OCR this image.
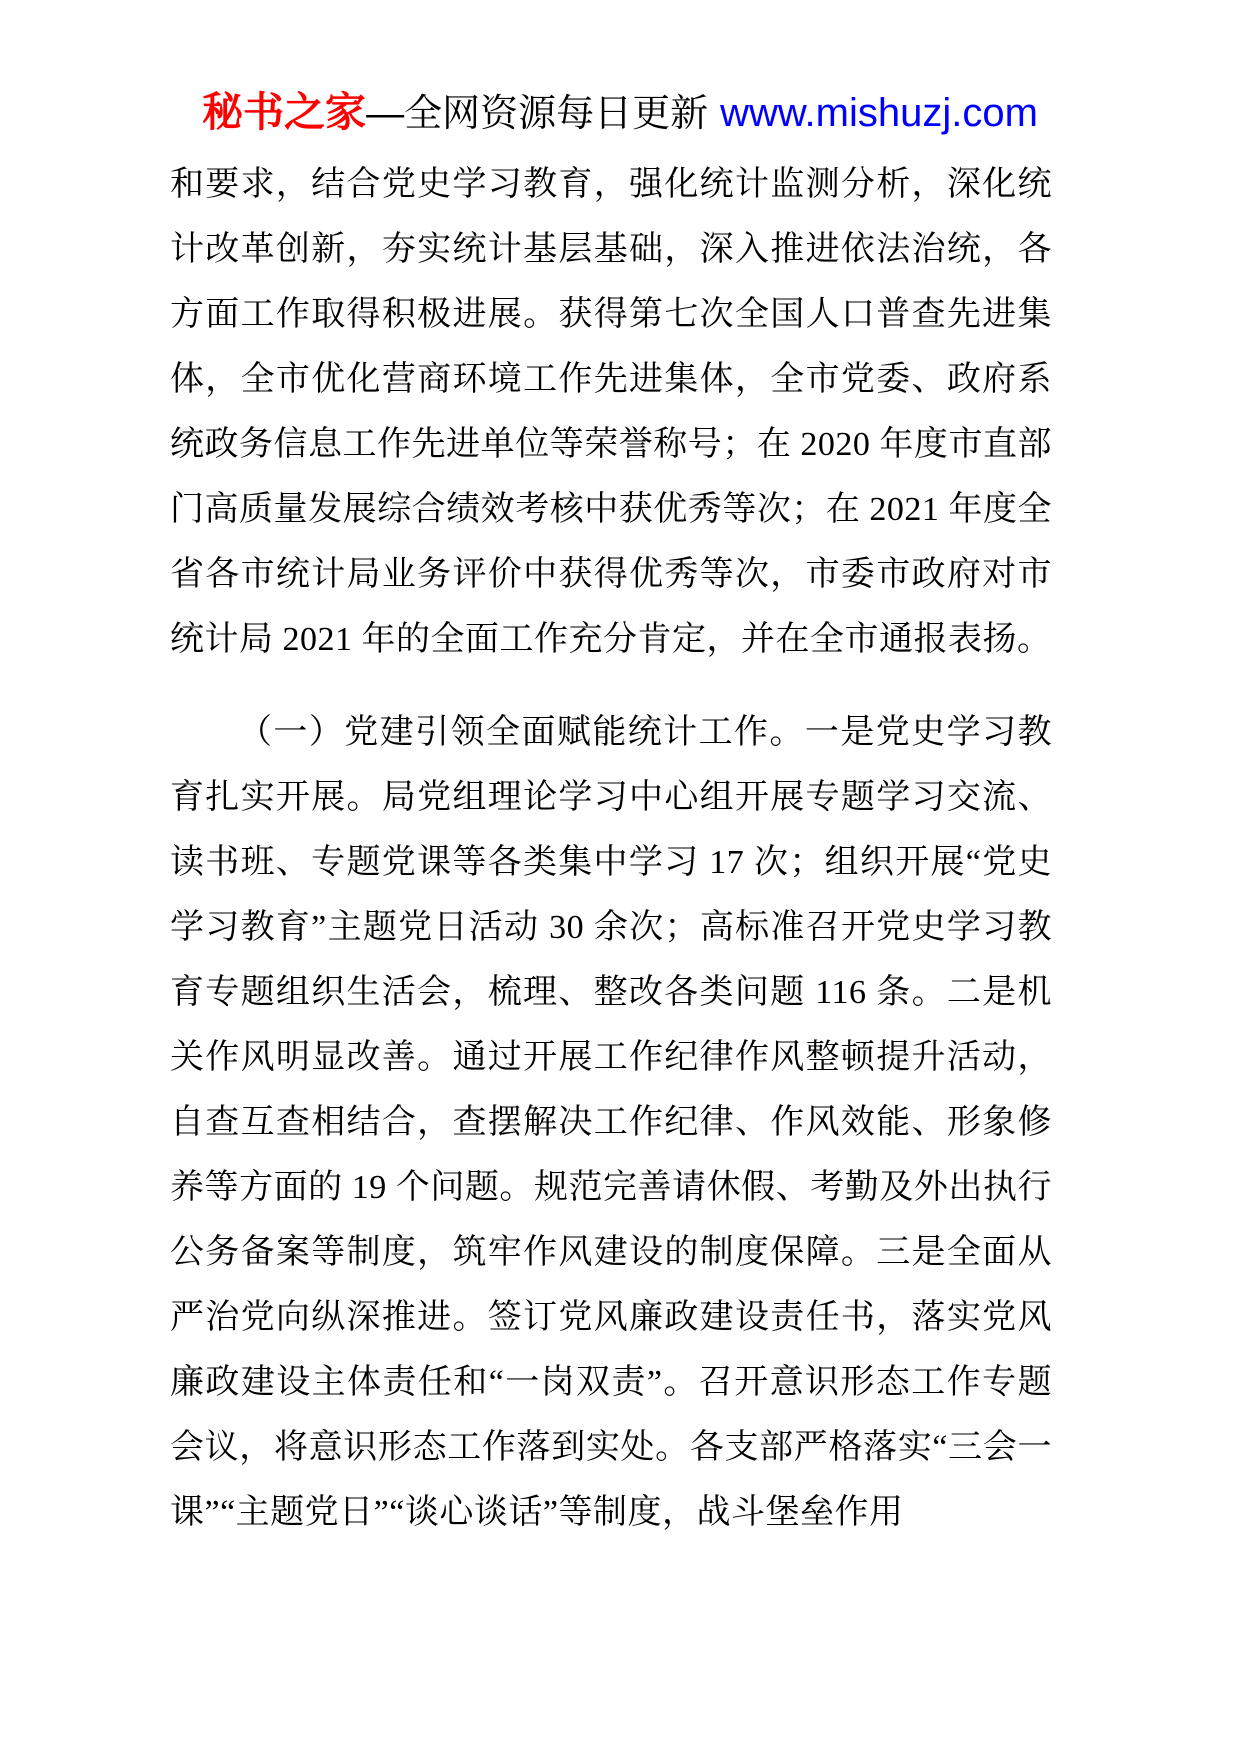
秘书之家—全网资源每日更新 www.mishuzj.com

和要求，结合党史学习教育，强化统计监测分析，深化统计改革创新，夯实统计基层基础，深入推进依法治统，各方面工作取得积极进展。获得第七次全国人口普查先进集体，全市优化营商环境工作先进集体，全市党委、政府系统政务信息工作先进单位等荣誉称号；在 2020 年度市直部门高质量发展综合绩效考核中获优秀等次；在 2021 年度全省各市统计局业务评价中获得优秀等次，市委市政府对市统计局 2021 年的全面工作充分肯定，并在全市通报表扬。

（一）党建引领全面赋能统计工作。一是党史学习教育扎实开展。局党组理论学习中心组开展专题学习交流、读书班、专题党课等各类集中学习 17 次；组织开展“党史学习教育”主题党日活动 30 余次；高标准召开党史学习教育专题组织生活会，梳理、整改各类问题 116 条。二是机关作风明显改善。通过开展工作纪律作风整顿提升活动，自查互查相结合，查摆解决工作纪律、作风效能、形象修养等方面的 19 个问题。规范完善请休假、考勤及外出执行公务备案等制度，筑牢作风建设的制度保障。三是全面从严治党向纵深推进。签订党风廉政建设责任书，落实党风廉政建设主体责任和“一岗双责”。召开意识形态工作专题会议，将意识形态工作落到实处。各支部严格落实“三会一课”“主题党日”“谈心谈话”等制度，战斗堡垒作用
